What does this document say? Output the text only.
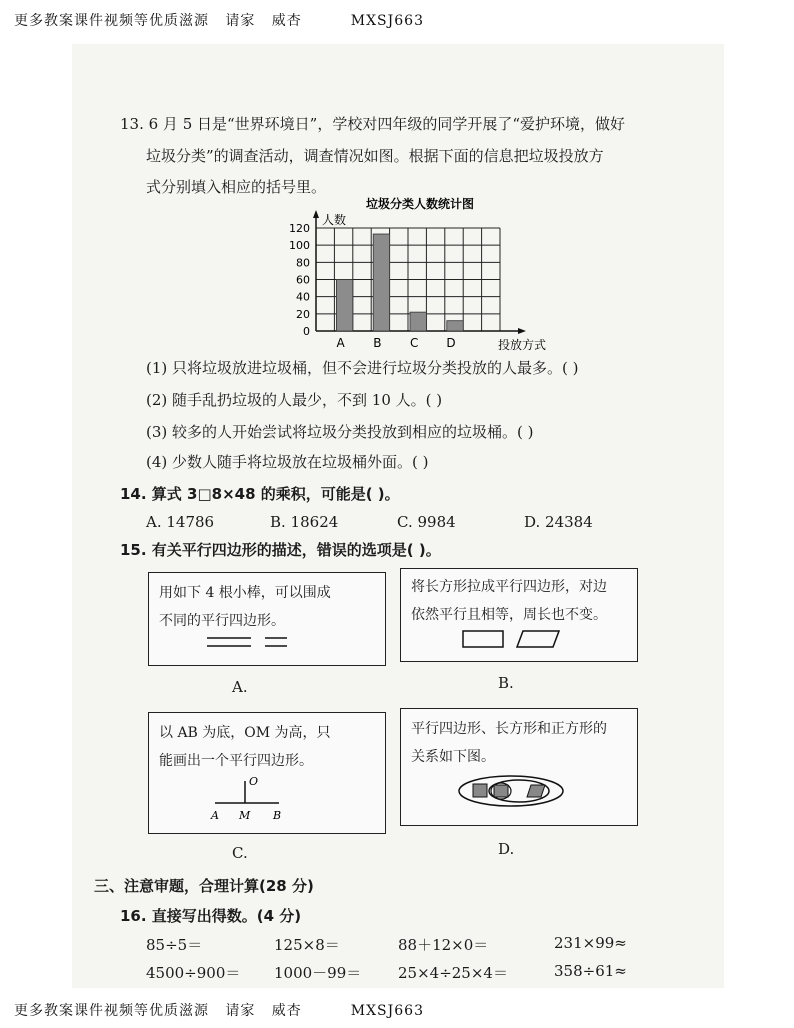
更多教案课件视频等优质滋源   请家   威杏         MXSJ663
13. 6 月 5 日是“世界环境日”，学校对四年级的同学开展了“爱护环境，做好
垃圾分类”的调查活动，调查情况如图。根据下面的信息把垃圾投放方
式分别填入相应的括号里。
垃圾分类人数统计图
0
20
40
60
80
100
120
人数
A B C D	投放方式
(1) 只将垃圾放进垃圾桶，但不会进行垃圾分类投放的人最多。( )
(2) 随手乱扔垃圾的人最少，不到 10 人。( )
(3) 较多的人开始尝试将垃圾分类投放到相应的垃圾桶。( )
(4) 少数人随手将垃圾放在垃圾桶外面。( )
14. 算式 3□8×48 的乘积，可能是( )。
A. 14786	B. 18624	C. 9984	D. 24384
15. 有关平行四边形的描述，错误的选项是( )。
用如下 4 根小棒，可以围成
不同的平行四边形。
A.
将长方形拉成平行四边形，对边
依然平行且相等，周长也不变。
B.
以 AB 为底，OM 为高，只
能画出一个平行四边形。
O
A M B
C.
平行四边形、长方形和正方形的
关系如下图。
D.
三、注意审题，合理计算(28 分)
16. 直接写出得数。(4 分)
85÷5＝	125×8＝	88＋12×0＝	231×99≈
4500÷900＝ 1000－99＝ 25×4÷25×4＝	358÷61≈
更多教案课件视频等优质滋源   请家   威杏         MXSJ663
